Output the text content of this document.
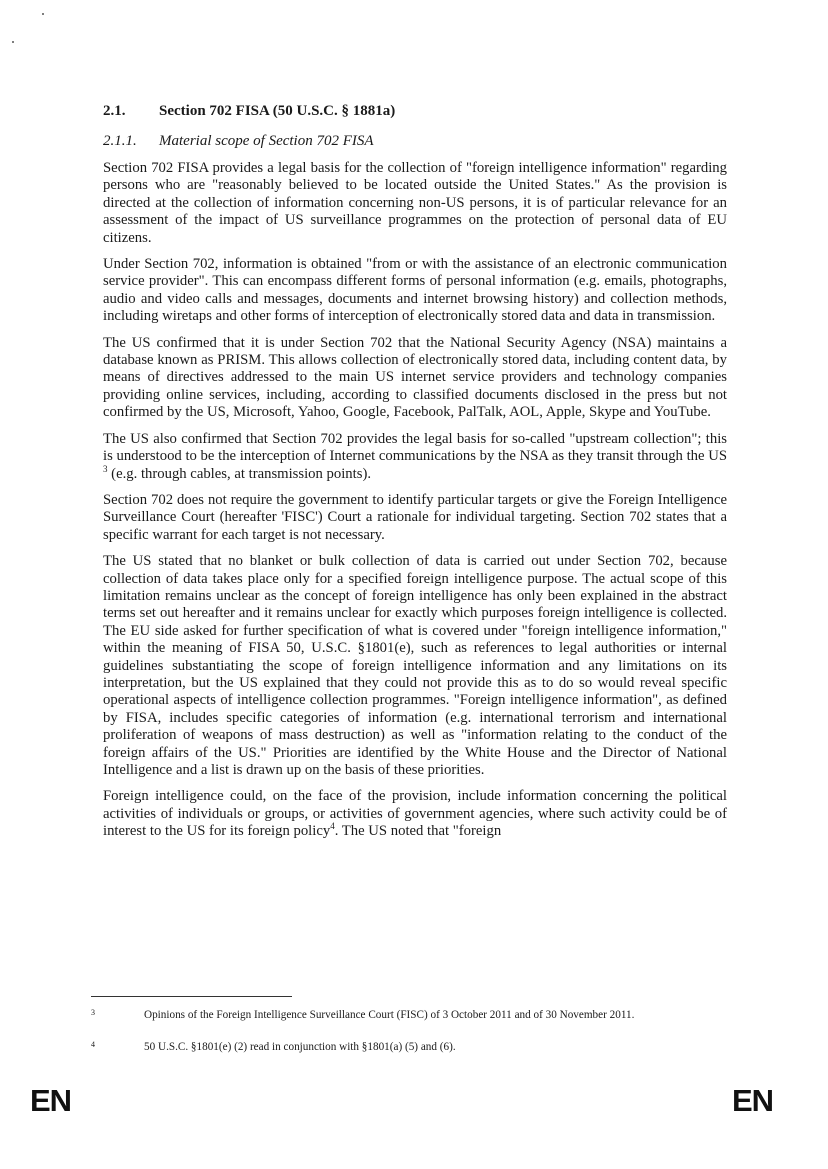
2.1. Section 702 FISA (50 U.S.C. § 1881a)
2.1.1. Material scope of Section 702 FISA

Section 702 FISA provides a legal basis for the collection of "foreign intelligence information" regarding persons who are "reasonably believed to be located outside the United States." As the provision is directed at the collection of information concerning non-US persons, it is of particular relevance for an assessment of the impact of US surveillance programmes on the protection of personal data of EU citizens.

Under Section 702, information is obtained "from or with the assistance of an electronic communication service provider". This can encompass different forms of personal information (e.g. emails, photographs, audio and video calls and messages, documents and internet browsing history) and collection methods, including wiretaps and other forms of interception of electronically stored data and data in transmission.

The US confirmed that it is under Section 702 that the National Security Agency (NSA) maintains a database known as PRISM. This allows collection of electronically stored data, including content data, by means of directives addressed to the main US internet service providers and technology companies providing online services, including, according to classified documents disclosed in the press but not confirmed by the US, Microsoft, Yahoo, Google, Facebook, PalTalk, AOL, Apple, Skype and YouTube.

The US also confirmed that Section 702 provides the legal basis for so-called "upstream collection"; this is understood to be the interception of Internet communications by the NSA as they transit through the US $^3$ (e.g. through cables, at transmission points).

Section 702 does not require the government to identify particular targets or give the Foreign Intelligence Surveillance Court (hereafter 'FISC') Court a rationale for individual targeting. Section 702 states that a specific warrant for each target is not necessary.

The US stated that no blanket or bulk collection of data is carried out under Section 702, because collection of data takes place only for a specified foreign intelligence purpose. The actual scope of this limitation remains unclear as the concept of foreign intelligence has only been explained in the abstract terms set out hereafter and it remains unclear for exactly which purposes foreign intelligence is collected. The EU side asked for further specification of what is covered under "foreign intelligence information," within the meaning of FISA 50, U.S.C. §1801(e), such as references to legal authorities or internal guidelines substantiating the scope of foreign intelligence information and any limitations on its interpretation, but the US explained that they could not provide this as to do so would reveal specific operational aspects of intelligence collection programmes. "Foreign intelligence information", as defined by FISA, includes specific categories of information (e.g. international terrorism and international proliferation of weapons of mass destruction) as well as "information relating to the conduct of the foreign affairs of the US." Priorities are identified by the White House and the Director of National Intelligence and a list is drawn up on the basis of these priorities.

Foreign intelligence could, on the face of the provision, include information concerning the political activities of individuals or groups, or activities of government agencies, where such activity could be of interest to the US for its foreign policy$^4$. The US noted that "foreign

3	Opinions of the Foreign Intelligence Surveillance Court (FISC) of 3 October 2011 and of 30 November 2011.
4	50 U.S.C. §1801(e) (2) read in conjunction with §1801(a) (5) and (6).
EN	EN
